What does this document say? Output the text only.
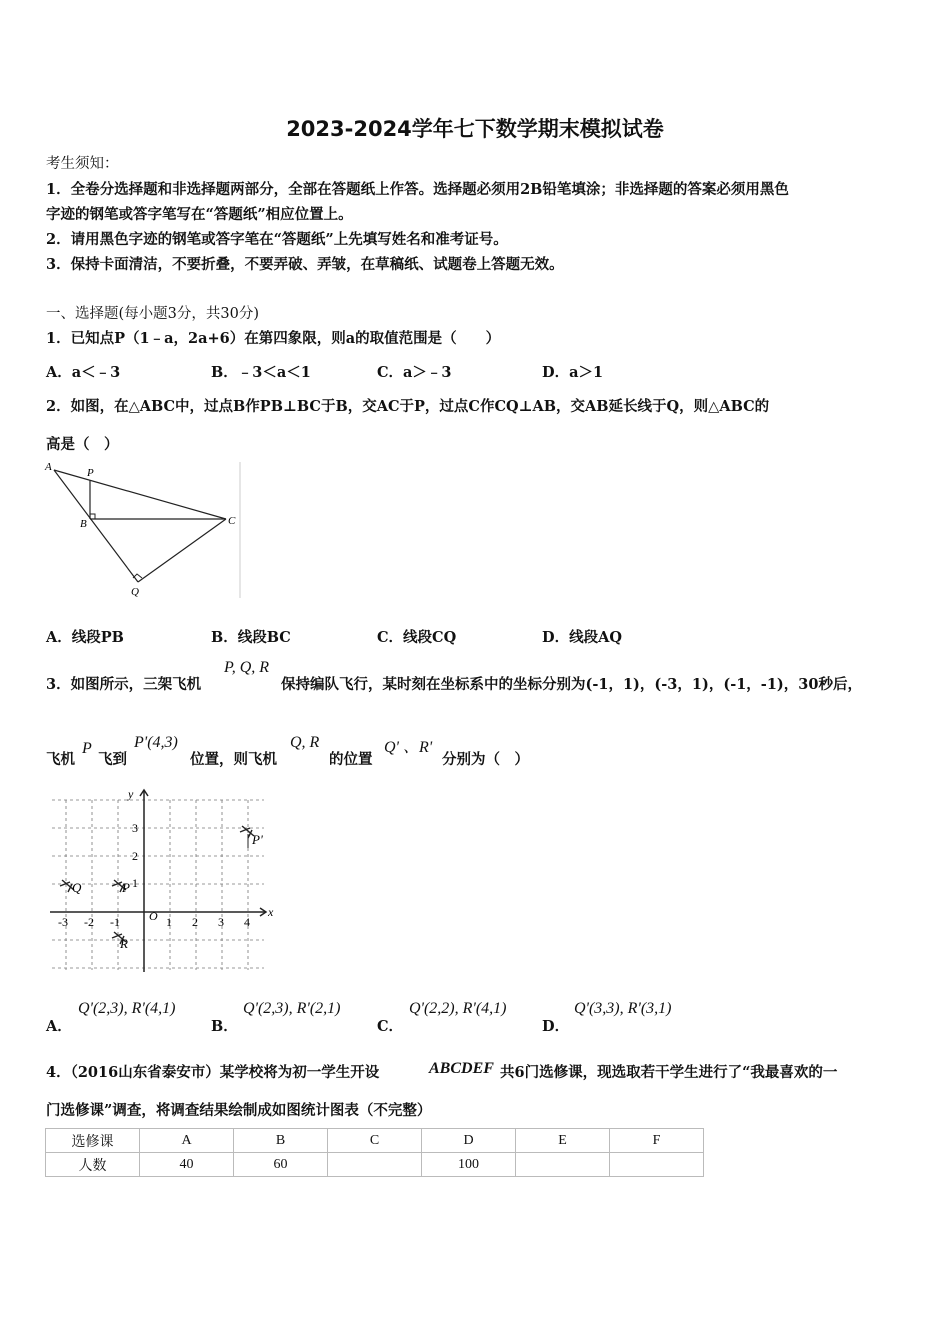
2023-2024学年七下数学期末模拟试卷
考生须知：
1．全卷分选择题和非选择题两部分，全部在答题纸上作答。选择题必须用2B铅笔填涂；非选择题的答案必须用黑色
字迹的钢笔或答字笔写在“答题纸”相应位置上。
2．请用黑色字迹的钢笔或答字笔在“答题纸”上先填写姓名和准考证号。
3．保持卡面清洁，不要折叠，不要弄破、弄皱，在草稿纸、试题卷上答题无效。
一、选择题(每小题3分，共30分)
1．已知点P（1﹣a，2a+6）在第四象限，则a的取值范围是（　　）
A．a＜﹣3	B．﹣3＜a＜1	C．a＞﹣3	D．a＞1
2．如图，在△ABC中，过点B作PB⊥BC于B，交AC于P，过点C作CQ⊥AB，交AB延长线于Q，则△ABC的
高是（　）
A	P
B	C
Q
A．线段PB	B．线段BC	C．线段CQ	D．线段AQ
3．如图所示，三架飞机
P, Q, R
保持编队飞行，某时刻在坐标系中的坐标分别为(-1，1)，(-3，1)，(-1，-1)，30秒后，
飞机
P
飞到
P'(4,3)
位置，则飞机
Q, R
的位置
Q' 、R'
分别为（　）
x
y
-3 -2 -1 O 1 2 3 4
3
2
1
Q	P
R
P'
A．
Q'(2,3), R'(4,1)
B．
Q'(2,3), R'(2,1)
C．
Q'(2,2), R'(4,1)
D．
Q'(3,3), R'(3,1)
4．（2016山东省泰安市）某学校将为初一学生开设	ABCDEF 共6门选修课，现选取若干学生进行了“我最喜欢的一
门选修课”调查，将调查结果绘制成如图统计图表（不完整）
选修课	A	B	C	D	E	F
人数	40	60		100		
